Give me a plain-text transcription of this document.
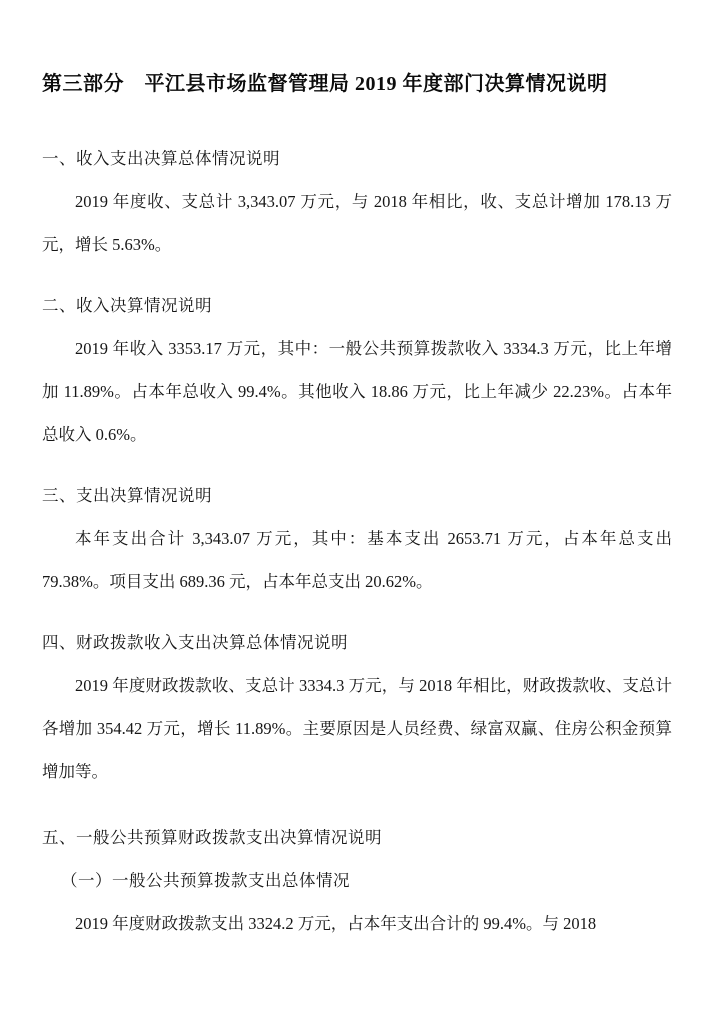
第三部分　平江县市场监督管理局 2019 年度部门决算情况说明

一、收入支出决算总体情况说明

2019 年度收、支总计 3,343.07 万元，与 2018 年相比，收、支总计增加 178.13 万元，增长 5.63%。

二、收入决算情况说明

2019 年收入 3353.17 万元，其中：一般公共预算拨款收入 3334.3 万元，比上年增加 11.89%。占本年总收入 99.4%。其他收入 18.86 万元，比上年减少 22.23%。占本年总收入 0.6%。

三、支出决算情况说明

本年支出合计 3,343.07 万元，其中：基本支出 2653.71 万元，占本年总支出 79.38%。项目支出 689.36 元，占本年总支出 20.62%。

四、财政拨款收入支出决算总体情况说明

2019 年度财政拨款收、支总计 3334.3 万元，与 2018 年相比，财政拨款收、支总计各增加 354.42 万元，增长 11.89%。主要原因是人员经费、绿富双赢、住房公积金预算增加等。

五、一般公共预算财政拨款支出决算情况说明

（一）一般公共预算拨款支出总体情况

2019 年度财政拨款支出 3324.2 万元，占本年支出合计的 99.4%。与 2018
